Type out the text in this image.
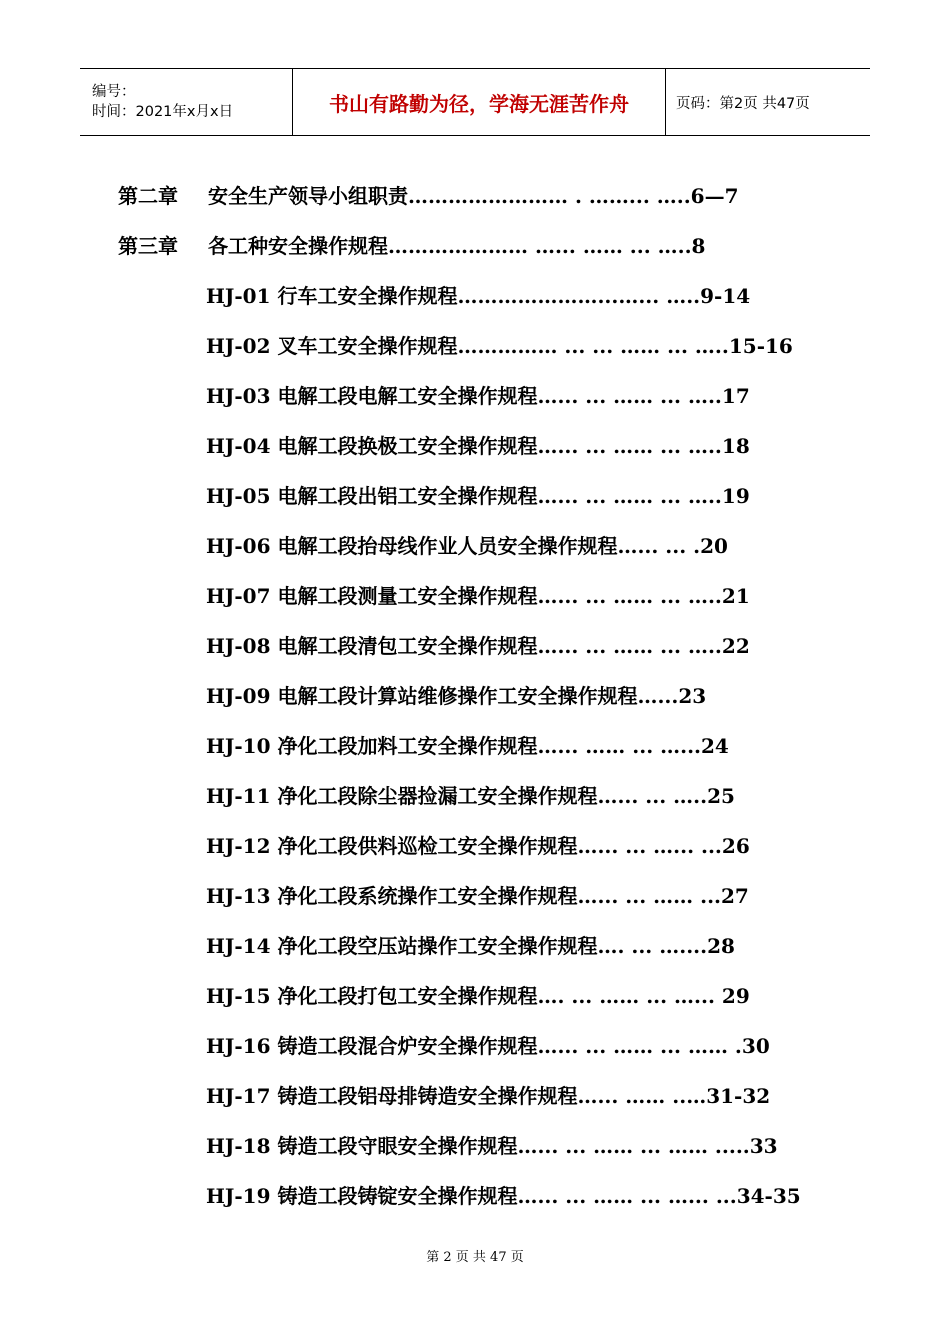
编号：
时间：2021年x月x日	书山有路勤为径，学海无涯苦作舟	页码：第2页 共47页
第二章 安全生产领导小组职责…………………… . ……... …..6—7
第三章 各工种安全操作规程………………… …... …… ... …..8
HJ-01 行车工安全操作规程…………………...…... …..9-14
HJ-02 叉车工安全操作规程…………… ... ... …… ... …..15-16
HJ-03 电解工段电解工安全操作规程…... ... …… ... …..17
HJ-04 电解工段换极工安全操作规程…... ... …… ... …..18
HJ-05 电解工段出铝工安全操作规程…... ... …… ... …..19
HJ-06 电解工段抬母线作业人员安全操作规程…... ... .20
HJ-07 电解工段测量工安全操作规程…... ... …… ... …..21
HJ-08 电解工段清包工安全操作规程…... ... …… ... …..22
HJ-09 电解工段计算站维修操作工安全操作规程…...23
HJ-10 净化工段加料工安全操作规程…... …… ... …...24
HJ-11 净化工段除尘器捡漏工安全操作规程…... ... …..25
HJ-12 净化工段供料巡检工安全操作规程…... ... …... ...26
HJ-13 净化工段系统操作工安全操作规程…... ... …… ...27
HJ-14 净化工段空压站操作工安全操作规程…. ... …....28
HJ-15 净化工段打包工安全操作规程…. ... …… ... …... 29
HJ-16 铸造工段混合炉安全操作规程…... ... …… ... …… .30
HJ-17 铸造工段铝母排铸造安全操作规程…... …… ..…31-32
HJ-18 铸造工段守眼安全操作规程…... ... …… ... …… .....33
HJ-19 铸造工段铸锭安全操作规程…... ... …… ... …... ...34-35
第 2 页 共 47 页
